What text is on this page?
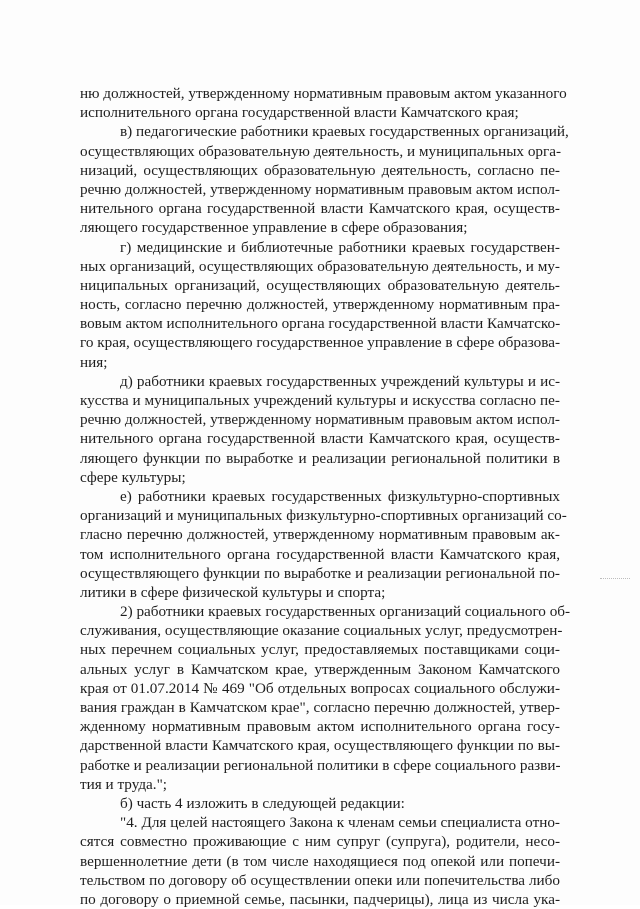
ню должностей, утвержденному нормативным правовым актом указанного
исполнительного органа государственной власти Камчатского края;
в) педагогические работники краевых государственных организаций,
осуществляющих образовательную деятельность, и муниципальных орга-
низаций, осуществляющих образовательную деятельность, согласно пе-
речню должностей, утвержденному нормативным правовым актом испол-
нительного органа государственной власти Камчатского края, осуществ-
ляющего государственное управление в сфере образования;
г) медицинские и библиотечные работники краевых государствен-
ных организаций, осуществляющих образовательную деятельность, и му-
ниципальных организаций, осуществляющих образовательную деятель-
ность, согласно перечню должностей, утвержденному нормативным пра-
вовым актом исполнительного органа государственной власти Камчатско-
го края, осуществляющего государственное управление в сфере образова-
ния;
д) работники краевых государственных учреждений культуры и ис-
кусства и муниципальных учреждений культуры и искусства согласно пе-
речню должностей, утвержденному нормативным правовым актом испол-
нительного органа государственной власти Камчатского края, осуществ-
ляющего функции по выработке и реализации региональной политики в
сфере культуры;
е) работники краевых государственных физкультурно-спортивных
организаций и муниципальных физкультурно-спортивных организаций со-
гласно перечню должностей, утвержденному нормативным правовым ак-
том исполнительного органа государственной власти Камчатского края,
осуществляющего функции по выработке и реализации региональной по-
литики в сфере физической культуры и спорта;
2) работники краевых государственных организаций социального об-
служивания, осуществляющие оказание социальных услуг, предусмотрен-
ных перечнем социальных услуг, предоставляемых поставщиками соци-
альных услуг в Камчатском крае, утвержденным Законом Камчатского
края от 01.07.2014 № 469 "Об отдельных вопросах социального обслужи-
вания граждан в Камчатском крае", согласно перечню должностей, утвер-
жденному нормативным правовым актом исполнительного органа госу-
дарственной власти Камчатского края, осуществляющего функции по вы-
работке и реализации региональной политики в сфере социального разви-
тия и труда.";
б) часть 4 изложить в следующей редакции:
"4. Для целей настоящего Закона к членам семьи специалиста отно-
сятся совместно проживающие с ним супруг (супруга), родители, несо-
вершеннолетние дети (в том числе находящиеся под опекой или попечи-
тельством по договору об осуществлении опеки или попечительства либо
по договору о приемной семье, пасынки, падчерицы), лица из числа ука-
